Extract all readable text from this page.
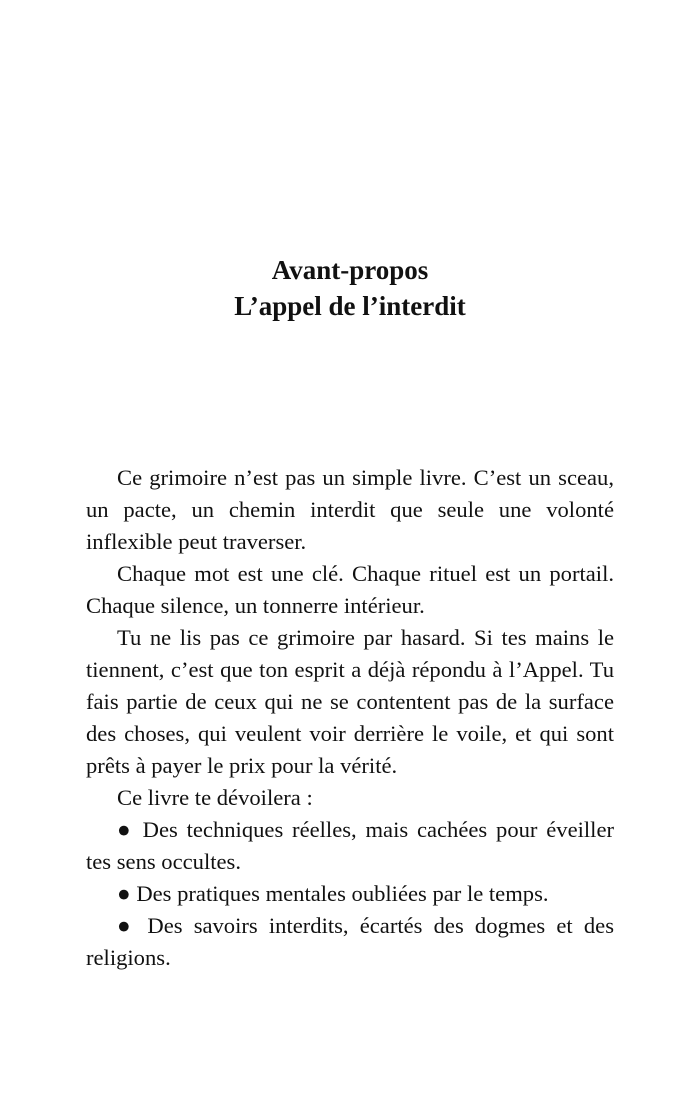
Avant-propos
L’appel de l’interdit

Ce grimoire n’est pas un simple livre. C’est un sceau, un pacte, un chemin interdit que seule une volonté inflexible peut traverser.

Chaque mot est une clé. Chaque rituel est un portail. Chaque silence, un tonnerre intérieur.

Tu ne lis pas ce grimoire par hasard. Si tes mains le tiennent, c’est que ton esprit a déjà répondu à l’Appel. Tu fais partie de ceux qui ne se contentent pas de la surface des choses, qui veulent voir derrière le voile, et qui sont prêts à payer le prix pour la vérité.

Ce livre te dévoilera :

● Des techniques réelles, mais cachées pour éveiller tes sens occultes.

● Des pratiques mentales oubliées par le temps.

● Des savoirs interdits, écartés des dogmes et des religions.
